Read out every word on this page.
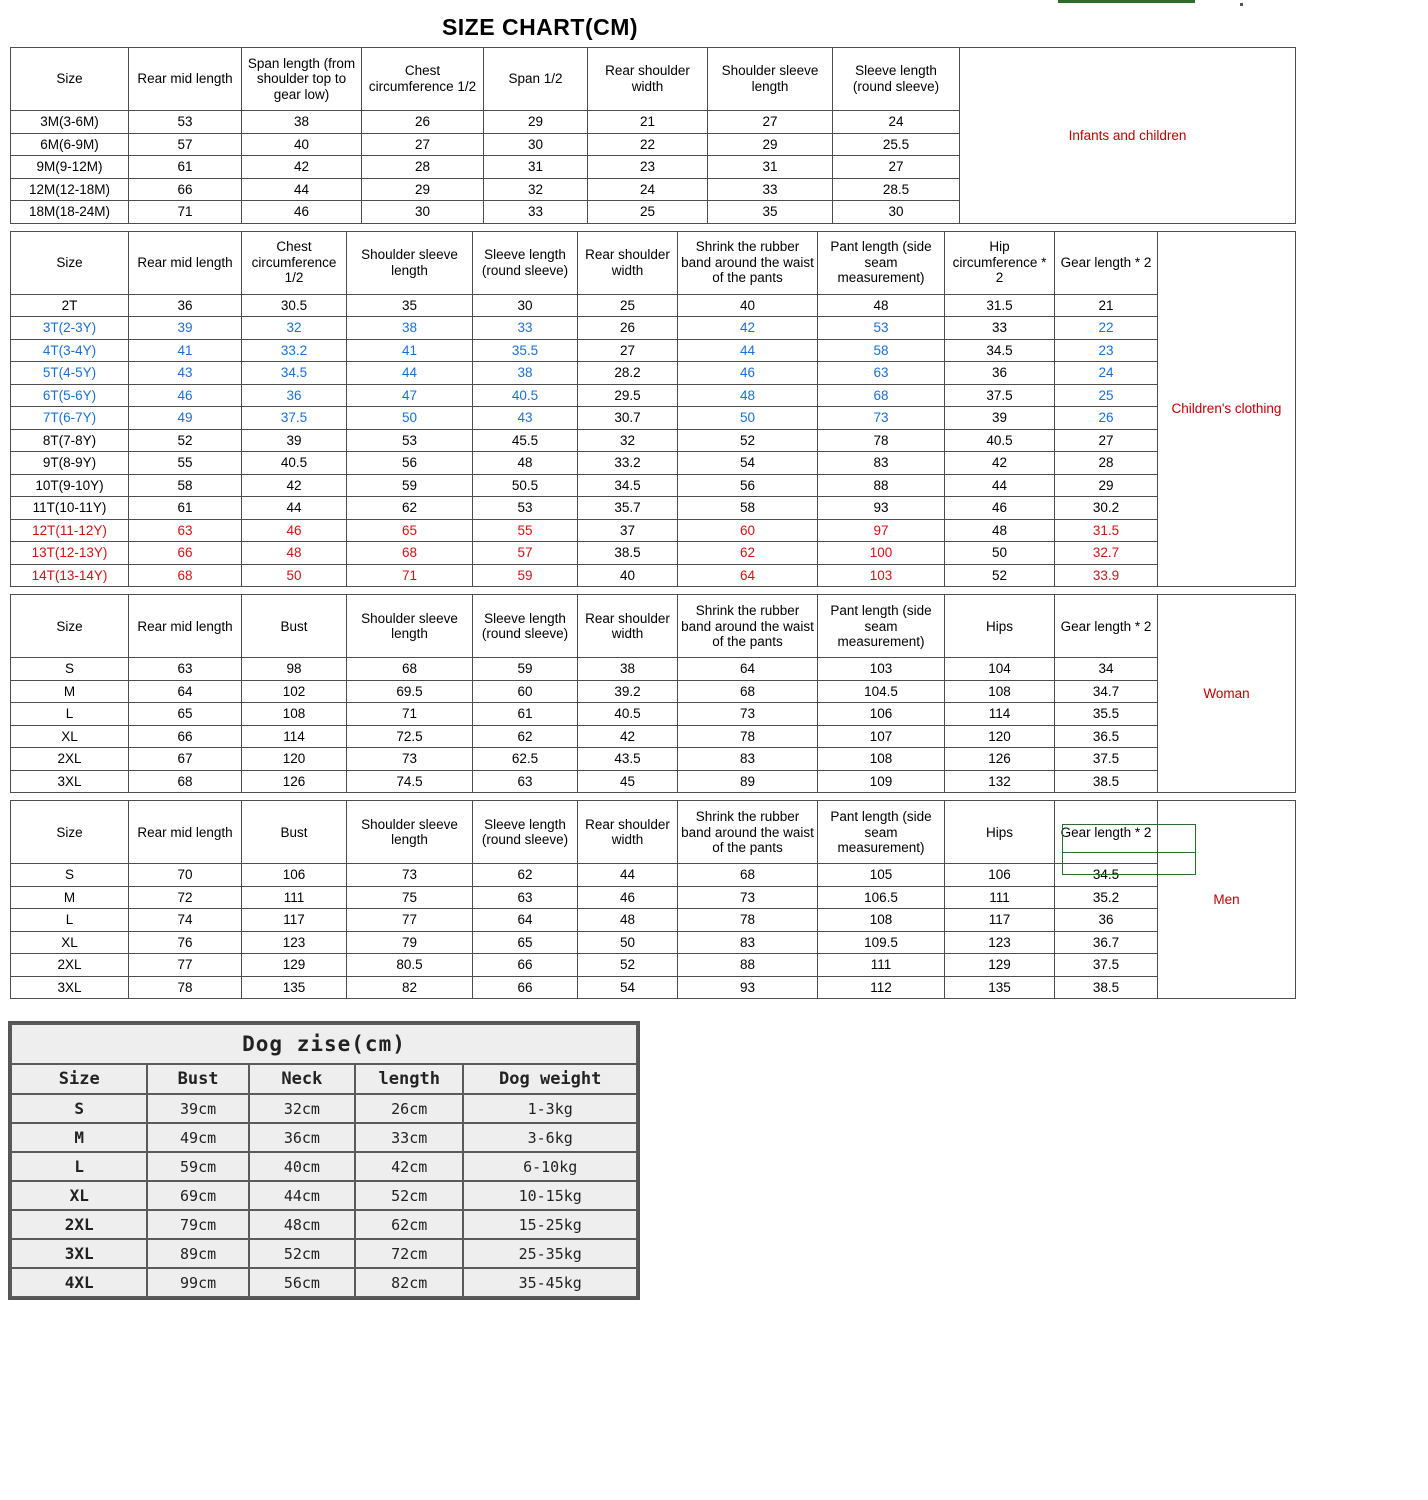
SIZE CHART(CM)
Size	Rear mid length	Span length (from shoulder top to gear low)	Chest circumference 1/2	Span 1/2	Rear shoulder width	Shoulder sleeve length	Sleeve length (round sleeve)	Infants and children
3M(3-6M)	53	38	26	29	21	27	24	
6M(6-9M)	57	40	27	30	22	29	25.5	
9M(9-12M)	61	42	28	31	23	31	27	
12M(12-18M)	66	44	29	32	24	33	28.5	
18M(18-24M)	71	46	30	33	25	35	30	
Size	Rear mid length	Chest circumference 1/2	Shoulder sleeve length	Sleeve length (round sleeve)	Rear shoulder width	Shrink the rubber band around the waist of the pants	Pant length (side seam measurement)	Hip circumference * 2	Gear length * 2	Children's clothing
2T	36	30.5	35	30	25	40	48	31.5	21	
3T(2-3Y)	39	32	38	33	26	42	53	33	22	
4T(3-4Y)	41	33.2	41	35.5	27	44	58	34.5	23	
5T(4-5Y)	43	34.5	44	38	28.2	46	63	36	24	
6T(5-6Y)	46	36	47	40.5	29.5	48	68	37.5	25	
7T(6-7Y)	49	37.5	50	43	30.7	50	73	39	26	
8T(7-8Y)	52	39	53	45.5	32	52	78	40.5	27	
9T(8-9Y)	55	40.5	56	48	33.2	54	83	42	28	
10T(9-10Y)	58	42	59	50.5	34.5	56	88	44	29	
11T(10-11Y)	61	44	62	53	35.7	58	93	46	30.2	
12T(11-12Y)	63	46	65	55	37	60	97	48	31.5	
13T(12-13Y)	66	48	68	57	38.5	62	100	50	32.7	
14T(13-14Y)	68	50	71	59	40	64	103	52	33.9	
Size	Rear mid length	Bust	Shoulder sleeve length	Sleeve length (round sleeve)	Rear shoulder width	Shrink the rubber band around the waist of the pants	Pant length (side seam measurement)	Hips	Gear length * 2	Woman
S	63	98	68	59	38	64	103	104	34	
M	64	102	69.5	60	39.2	68	104.5	108	34.7	
L	65	108	71	61	40.5	73	106	114	35.5	
XL	66	114	72.5	62	42	78	107	120	36.5	
2XL	67	120	73	62.5	43.5	83	108	126	37.5	
3XL	68	126	74.5	63	45	89	109	132	38.5	
Size	Rear mid length	Bust	Shoulder sleeve length	Sleeve length (round sleeve)	Rear shoulder width	Shrink the rubber band around the waist of the pants	Pant length (side seam measurement)	Hips	Gear length * 2	Men
S	70	106	73	62	44	68	105	106	34.5	
M	72	111	75	63	46	73	106.5	111	35.2	
L	74	117	77	64	48	78	108	117	36	
XL	76	123	79	65	50	83	109.5	123	36.7	
2XL	77	129	80.5	66	52	88	111	129	37.5	
3XL	78	135	82	66	54	93	112	135	38.5	
Dog zise(cm)				
Size	Bust	Neck	length	Dog weight
S	39cm	32cm	26cm	1-3kg
M	49cm	36cm	33cm	3-6kg
L	59cm	40cm	42cm	6-10kg
XL	69cm	44cm	52cm	10-15kg
2XL	79cm	48cm	62cm	15-25kg
3XL	89cm	52cm	72cm	25-35kg
4XL	99cm	56cm	82cm	35-45kg
